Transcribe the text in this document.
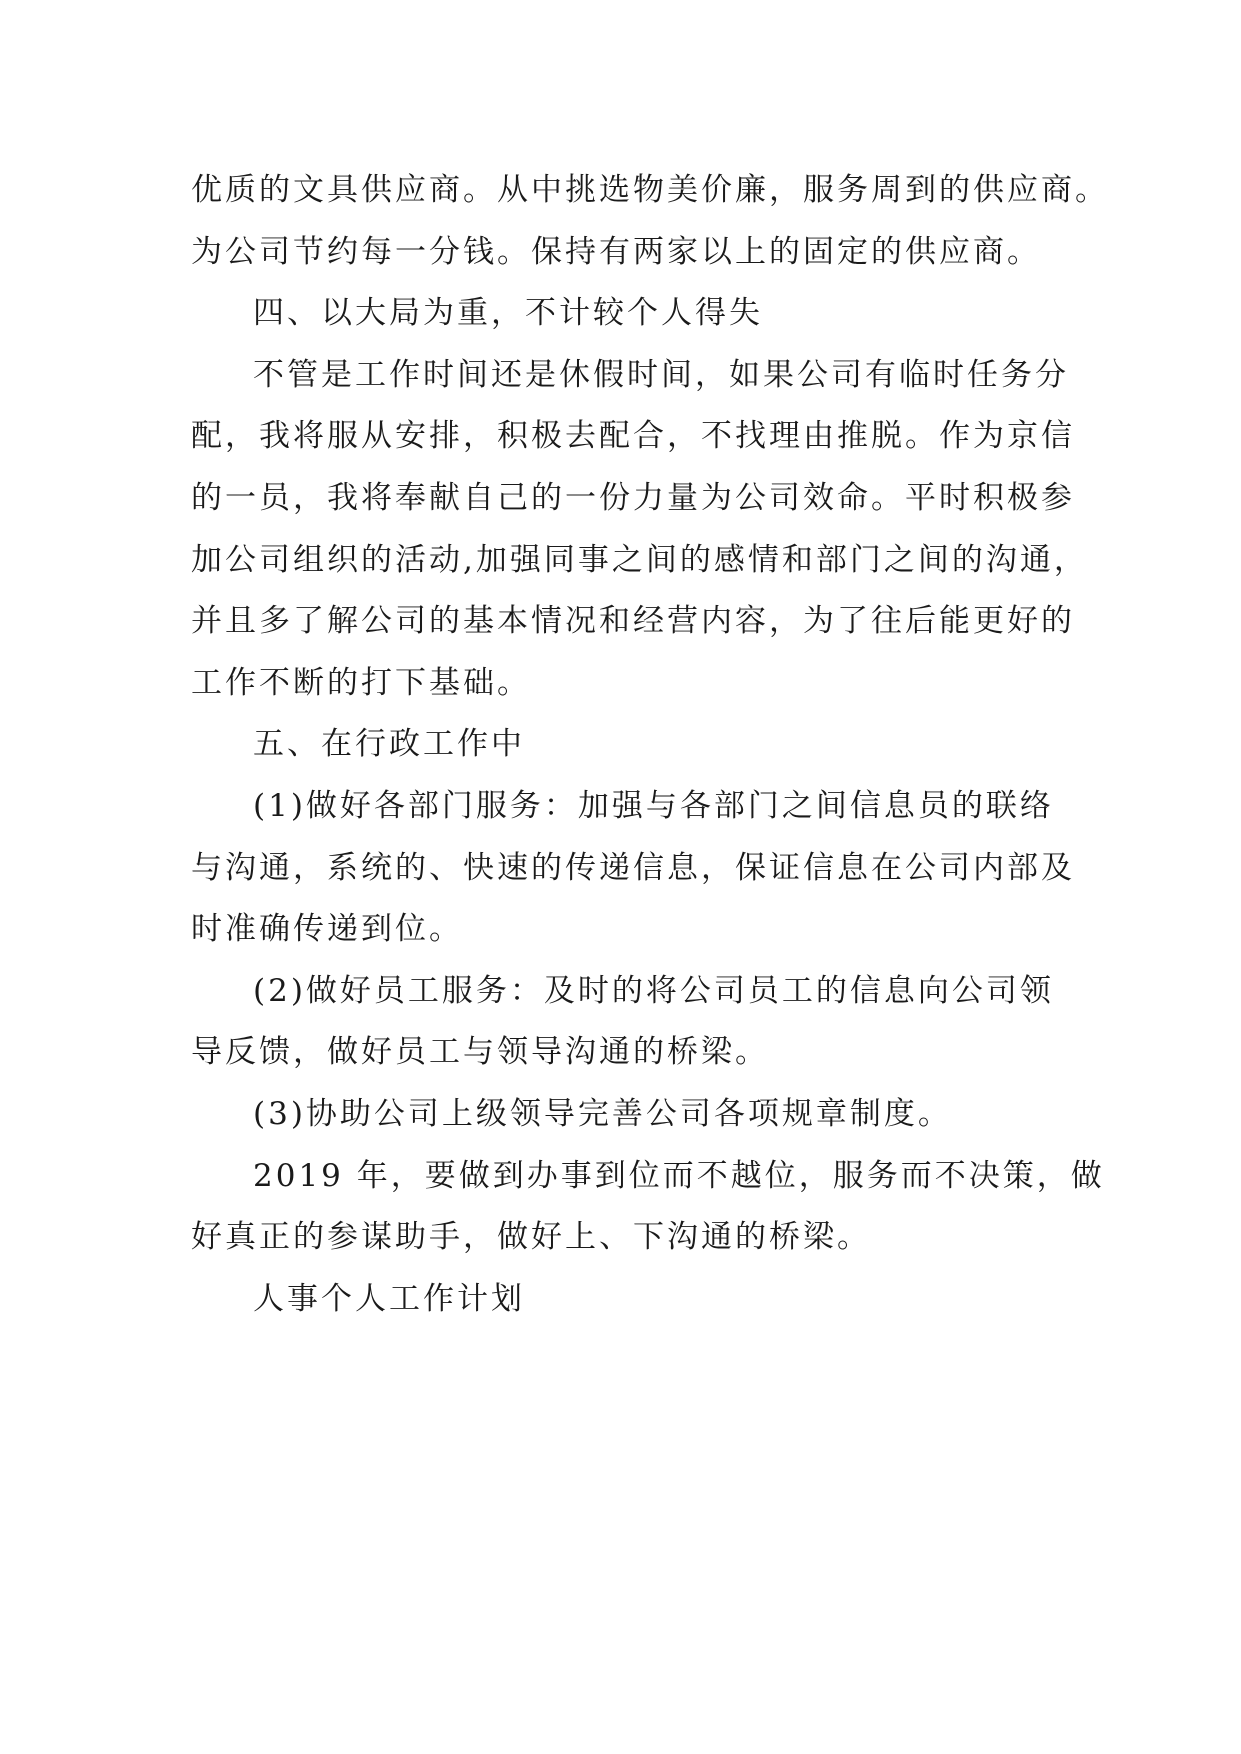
优质的文具供应商。从中挑选物美价廉，服务周到的供应商。
为公司节约每一分钱。保持有两家以上的固定的供应商。
四、以大局为重，不计较个人得失
不管是工作时间还是休假时间，如果公司有临时任务分
配，我将服从安排，积极去配合，不找理由推脱。作为京信
的一员，我将奉献自己的一份力量为公司效命。平时积极参
加公司组织的活动,加强同事之间的感情和部门之间的沟通，
并且多了解公司的基本情况和经营内容，为了往后能更好的
工作不断的打下基础。
五、在行政工作中
(1)做好各部门服务：加强与各部门之间信息员的联络
与沟通，系统的、快速的传递信息，保证信息在公司内部及
时准确传递到位。
(2)做好员工服务：及时的将公司员工的信息向公司领
导反馈，做好员工与领导沟通的桥梁。
(3)协助公司上级领导完善公司各项规章制度。
2019 年，要做到办事到位而不越位，服务而不决策，做
好真正的参谋助手，做好上、下沟通的桥梁。
人事个人工作计划
